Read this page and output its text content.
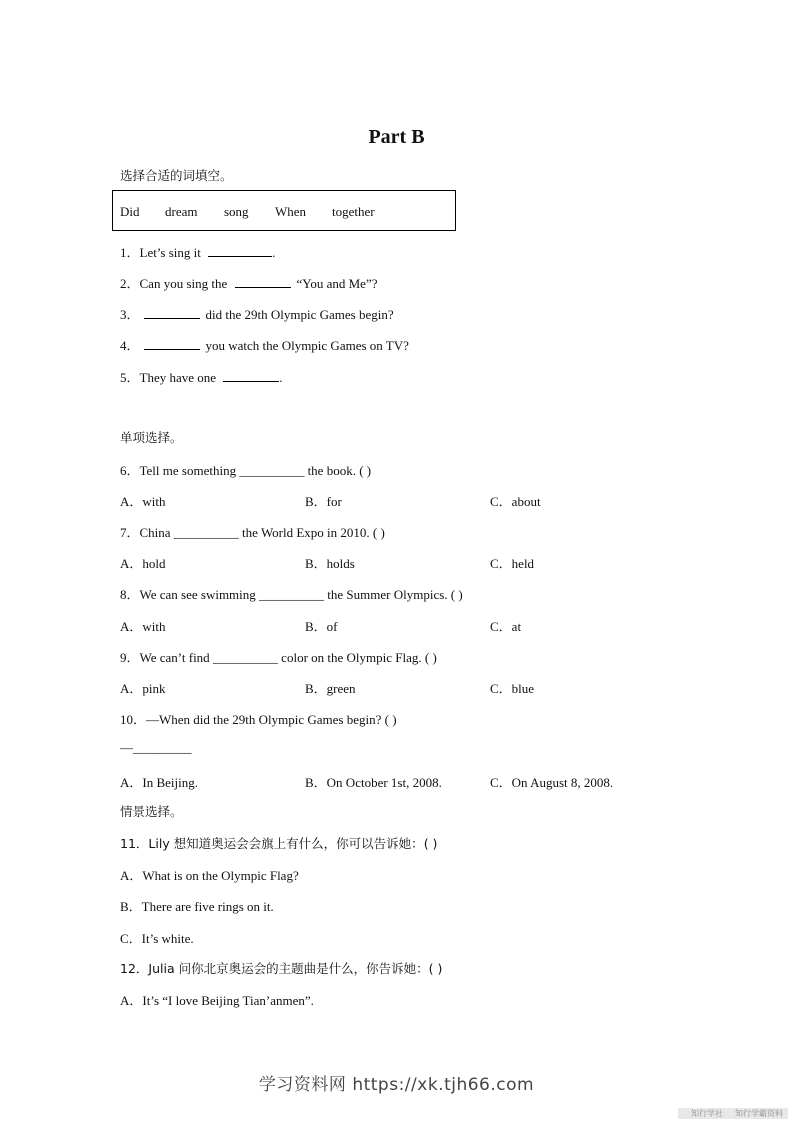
Part B
选择合适的词填空。
Did dream song When together
1．Let’s sing it	.
2．Can you sing the	“You and Me”?
3．	did the 29th Olympic Games begin?
4．	you watch the Olympic Games on TV?
5．They have one	.
单项选择。
6．Tell me something __________ the book. ( )
A．with	B．for	C．about
7．China __________ the World Expo in 2010. ( )
A．hold	B．holds	C．held
8．We can see swimming __________ the Summer Olympics. ( )
A．with	B．of	C．at
9．We can’t find __________ color on the Olympic Flag. ( )
A．pink	B．green	C．blue
10．—When did the 29th Olympic Games begin? ( )
—_________
A．In Beijing.	B．On October 1st, 2008.	C．On August 8, 2008.
情景选择。
11．Lily 想知道奥运会会旗上有什么，你可以告诉她：( )
A．What is on the Olympic Flag?
B．There are five rings on it.
C．It’s white.
12．Julia 问你北京奥运会的主题曲是什么，你告诉她：( )
A．It’s “I love Beijing Tian’anmen”.
学习资料网 https://xk.tjh66.com
知行学社	知行学霸资料
